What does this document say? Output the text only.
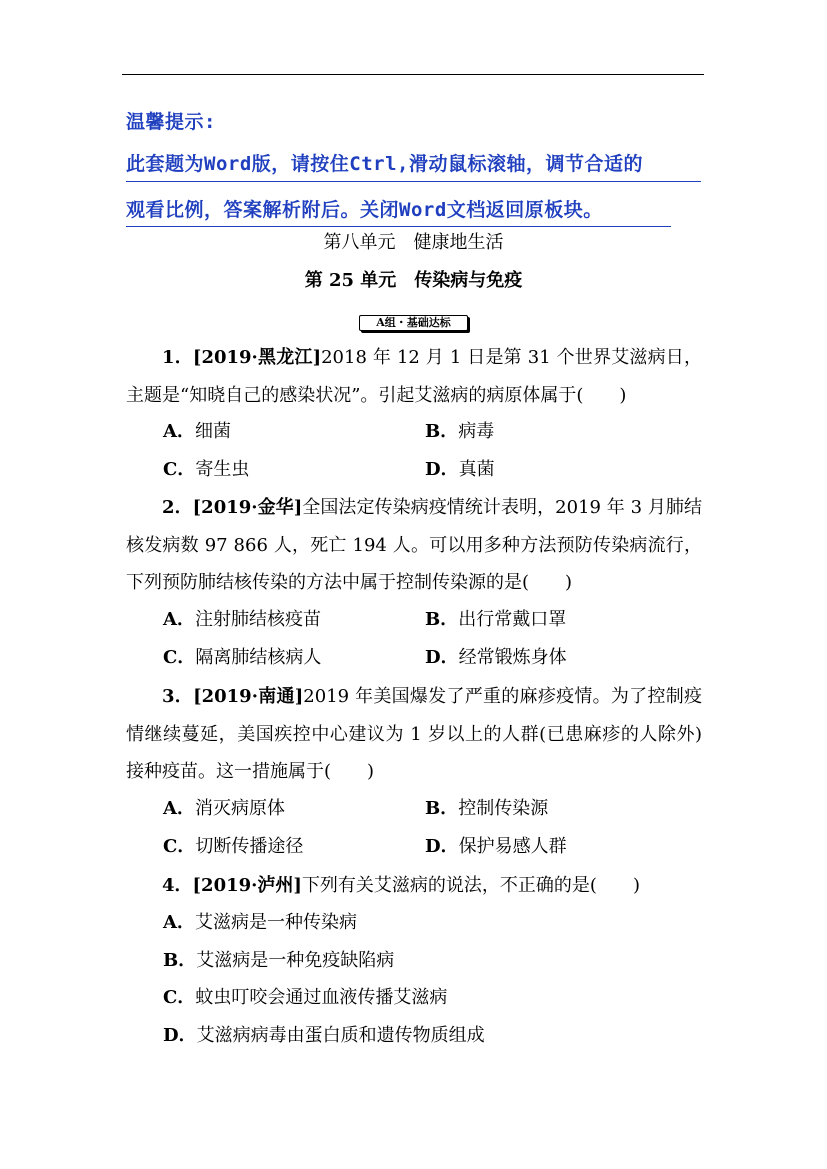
温馨提示:
此套题为Word版，请按住Ctrl,滑动鼠标滚轴，调节合适的
观看比例，答案解析附后。关闭Word文档返回原板块。
第八单元　健康地生活
第 25 单元　传染病与免疫
A组・基础达标
1．[2019·黑龙江]2018 年 12 月 1 日是第 31 个世界艾滋病日，主题是“知晓自己的感染状况”。引起艾滋病的病原体属于(　　)
A．细菌	B．病毒
C．寄生虫	D．真菌
2．[2019·金华]全国法定传染病疫情统计表明，2019 年 3 月肺结核发病数 97 866 人，死亡 194 人。可以用多种方法预防传染病流行，下列预防肺结核传染的方法中属于控制传染源的是(　　)
A．注射肺结核疫苗	B．出行常戴口罩
C．隔离肺结核病人	D．经常锻炼身体
3．[2019·南通]2019 年美国爆发了严重的麻疹疫情。为了控制疫情继续蔓延，美国疾控中心建议为 1 岁以上的人群(已患麻疹的人除外)接种疫苗。这一措施属于(　　)
A．消灭病原体	B．控制传染源
C．切断传播途径	D．保护易感人群
4．[2019·泸州]下列有关艾滋病的说法，不正确的是(　　)
A．艾滋病是一种传染病
B．艾滋病是一种免疫缺陷病
C．蚊虫叮咬会通过血液传播艾滋病
D．艾滋病病毒由蛋白质和遗传物质组成
